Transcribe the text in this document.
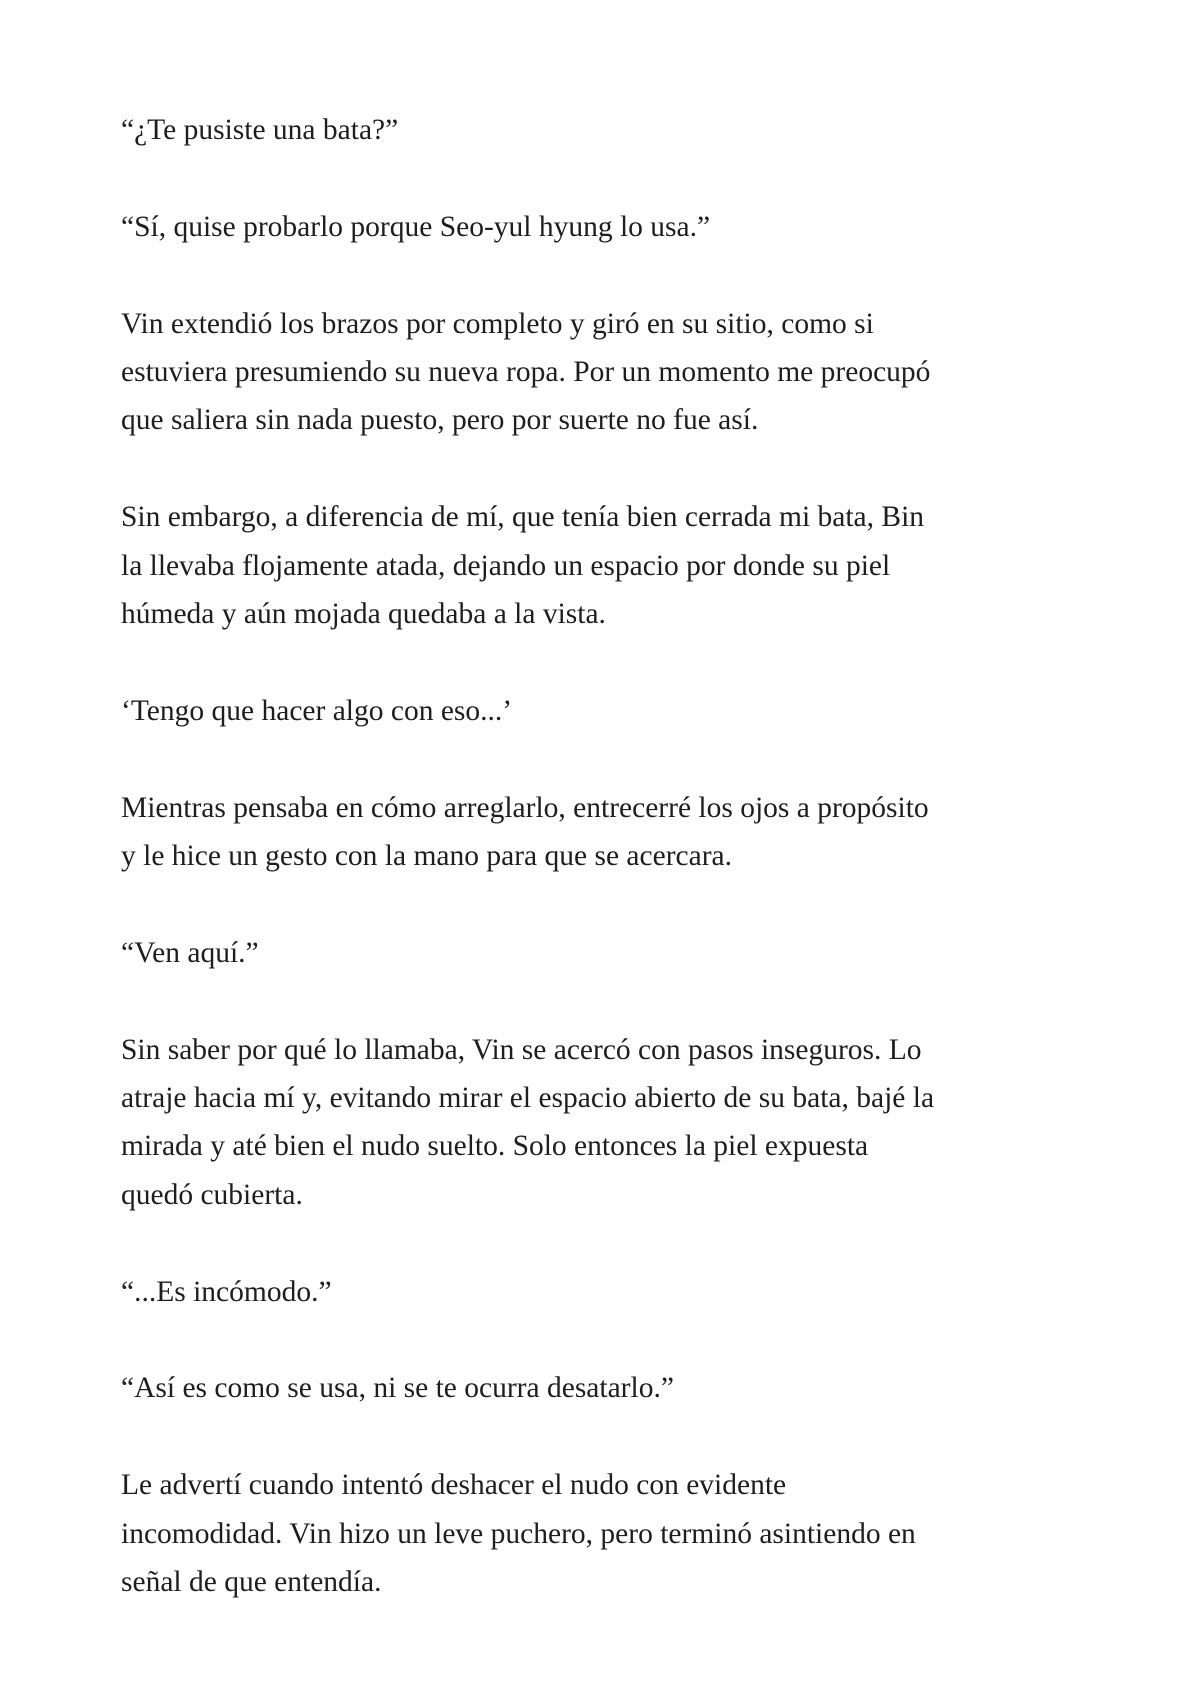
“¿Te pusiste una bata?”

“Sí, quise probarlo porque Seo-yul hyung lo usa.”

Vin extendió los brazos por completo y giró en su sitio, como si
estuviera presumiendo su nueva ropa. Por un momento me preocupó
que saliera sin nada puesto, pero por suerte no fue así.

Sin embargo, a diferencia de mí, que tenía bien cerrada mi bata, Bin
la llevaba flojamente atada, dejando un espacio por donde su piel
húmeda y aún mojada quedaba a la vista.

‘Tengo que hacer algo con eso...’

Mientras pensaba en cómo arreglarlo, entrecerré los ojos a propósito
y le hice un gesto con la mano para que se acercara.

“Ven aquí.”

Sin saber por qué lo llamaba, Vin se acercó con pasos inseguros. Lo
atraje hacia mí y, evitando mirar el espacio abierto de su bata, bajé la
mirada y até bien el nudo suelto. Solo entonces la piel expuesta
quedó cubierta.

“...Es incómodo.”

“Así es como se usa, ni se te ocurra desatarlo.”

Le advertí cuando intentó deshacer el nudo con evidente
incomodidad. Vin hizo un leve puchero, pero terminó asintiendo en
señal de que entendía.
